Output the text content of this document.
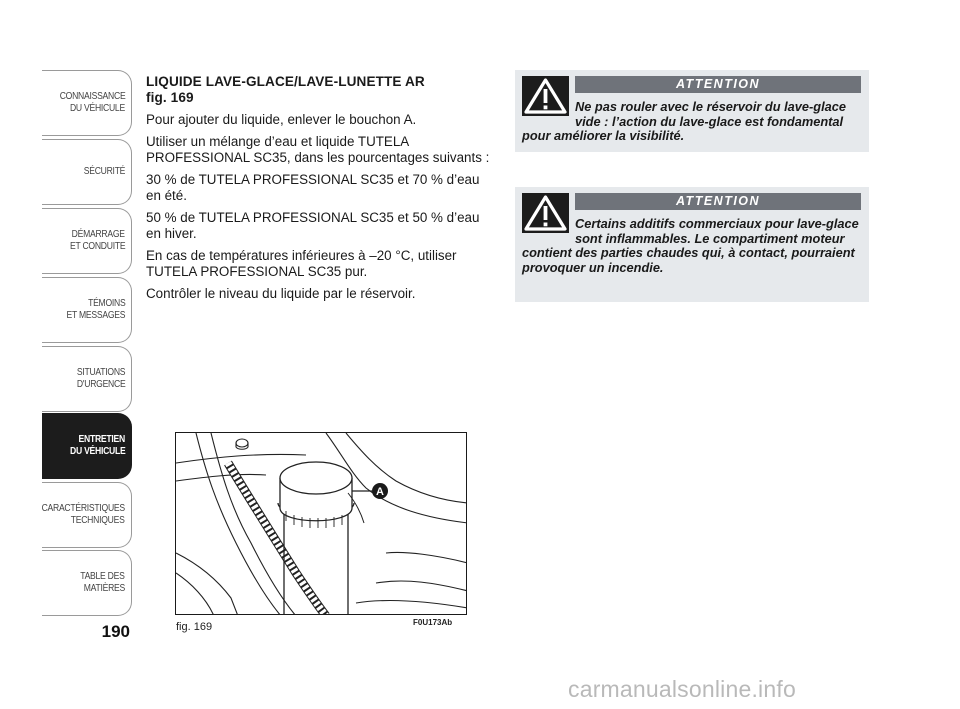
CONNAISSANCE
DU VÉHICULE
SÉCURITÉ
DÉMARRAGE
ET CONDUITE
TÉMOINS
ET MESSAGES
SITUATIONS
D'URGENCE
ENTRETIEN
DU VÉHICULE
CARACTÉRISTIQUES
TECHNIQUES
TABLE DES
MATIÈRES
190
LIQUIDE LAVE-GLACE/LAVE-LUNETTE AR
fig. 169

Pour ajouter du liquide, enlever le bouchon A.

Utiliser un mélange d’eau et liquide TUTELA PROFESSIONAL SC35, dans les pourcentages suivants :

30 % de TUTELA PROFESSIONAL SC35 et 70 % d’eau en été.

50 % de TUTELA PROFESSIONAL SC35 et 50 % d’eau en hiver.

En cas de températures inférieures à –20 °C, utiliser TUTELA PROFESSIONAL SC35 pur.

Contrôler le niveau du liquide par le réservoir.

ATTENTION
Ne pas rouler avec le réservoir du lave-glace vide : l’action du lave-glace est fondamental pour améliorer la visibilité.
ATTENTION
Certains additifs commerciaux pour lave-glace sont inflammables. Le compartiment moteur contient des parties chaudes qui, à contact, pourraient provoquer un incendie.
A
fig. 169	F0U173Ab
carmanualsonline.info
